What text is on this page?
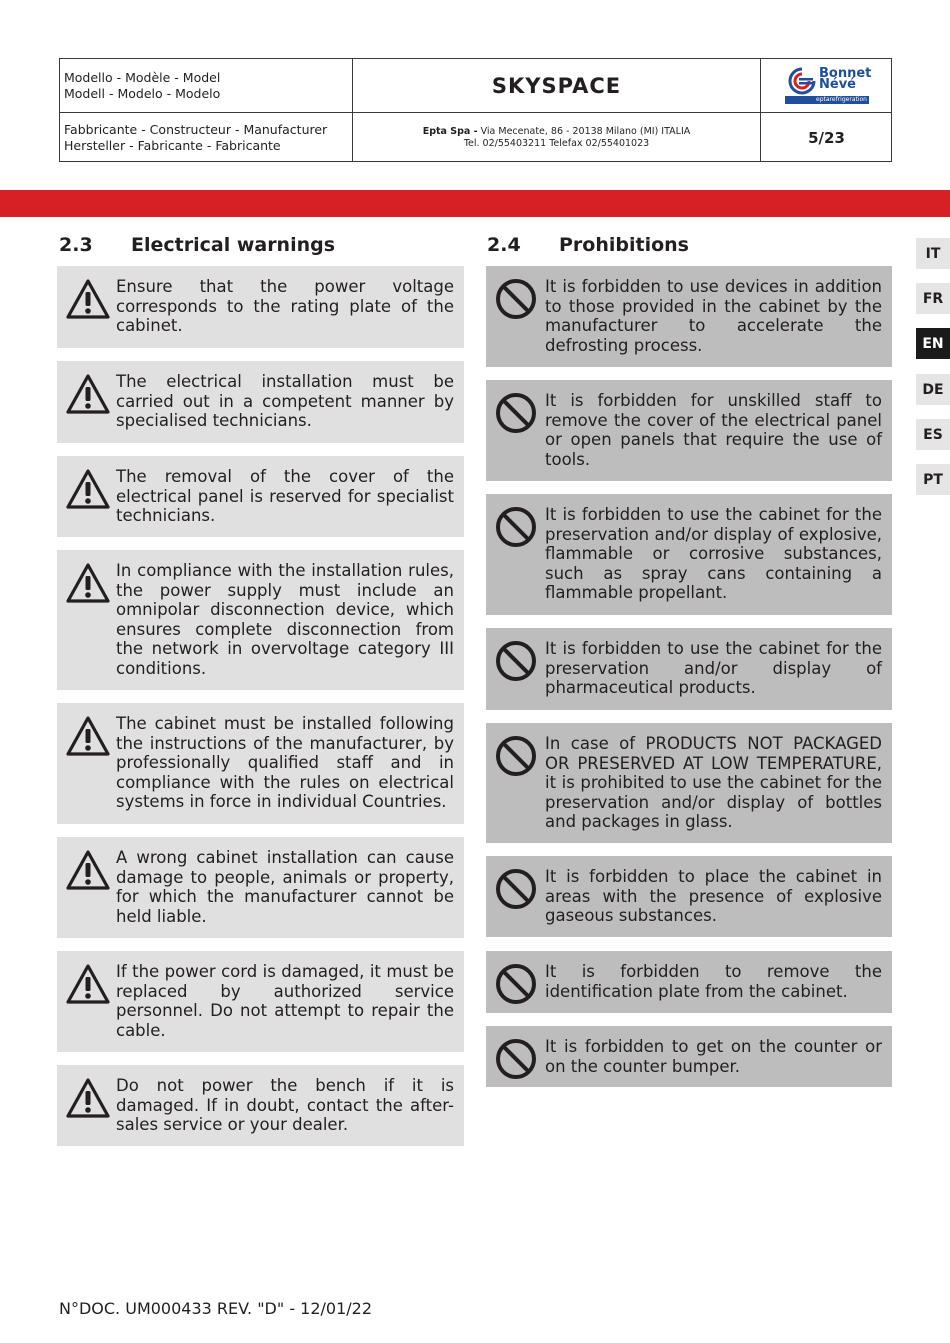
Modello - Modèle - Model
Modell - Modelo - Modelo
Fabbricante - Constructeur - Manufacturer
Hersteller - Fabricante - Fabricante
SKYSPACE
Epta Spa - Via Mecenate, 86 - 20138 Milano (MI) ITALIA
Tel. 02/55403211 Telefax 02/55401023
Bonnet
Névé
eptarefrigeration
5/23
2.3 Electrical warnings
Ensure that the power voltage corresponds to the rating plate of the cabinet.
The electrical installation must be carried out in a competent manner by specialised technicians.
The removal of the cover of the electrical panel is reserved for specialist technicians.
In compliance with the installation rules, the power supply must include an omnipolar disconnection device, which ensures complete disconnection from the network in overvoltage category III conditions.
The cabinet must be installed following the instructions of the manufacturer, by professionally qualified staff and in compliance with the rules on electrical systems in force in individual Countries.
A wrong cabinet installation can cause damage to people, animals or property, for which the manufacturer cannot be held liable.
If the power cord is damaged, it must be replaced by authorized service personnel. Do not attempt to repair the cable.
Do not power the bench if it is damaged. If in doubt, contact the after-sales service or your dealer.
2.4 Prohibitions
It is forbidden to use devices in addition to those provided in the cabinet by the manufacturer to accelerate the defrosting process.
It is forbidden for unskilled staff to remove the cover of the electrical panel or open panels that require the use of tools.
It is forbidden to use the cabinet for the preservation and/or display of explosive, flammable or corrosive substances, such as spray cans containing a flammable propellant.
It is forbidden to use the cabinet for the preservation and/or display of pharmaceutical products.
In case of PRODUCTS NOT PACKAGED OR PRESERVED AT LOW TEMPERATURE, it is prohibited to use the cabinet for the preservation and/or display of bottles and packages in glass.
It is forbidden to place the cabinet in areas with the presence of explosive gaseous substances.
It is forbidden to remove the identification plate from the cabinet.
It is forbidden to get on the counter or on the counter bumper.
IT
FR
EN
DE
ES
PT
N°DOC. UM000433 REV. "D" - 12/01/22
